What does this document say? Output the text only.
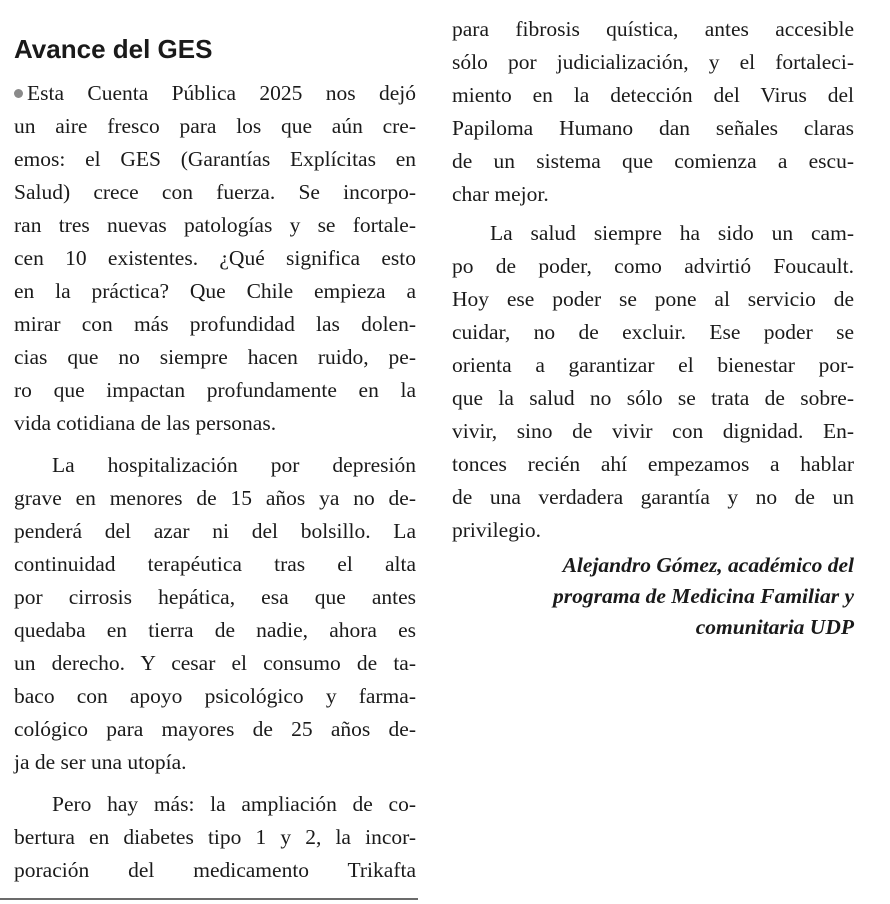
Avance del GES
Esta Cuenta Pública 2025 nos dejó
un aire fresco para los que aún cre-
emos: el GES (Garantías Explícitas en
Salud) crece con fuerza. Se incorpo-
ran tres nuevas patologías y se fortale-
cen 10 existentes. ¿Qué significa esto
en la práctica? Que Chile empieza a
mirar con más profundidad las dolen-
cias que no siempre hacen ruido, pe-
ro que impactan profundamente en la
vida cotidiana de las personas.
La hospitalización por depresión
grave en menores de 15 años ya no de-
penderá del azar ni del bolsillo. La
continuidad terapéutica tras el alta
por cirrosis hepática, esa que antes
quedaba en tierra de nadie, ahora es
un derecho. Y cesar el consumo de ta-
baco con apoyo psicológico y farma-
cológico para mayores de 25 años de-
ja de ser una utopía.
Pero hay más: la ampliación de co-
bertura en diabetes tipo 1 y 2, la incor-
poración del medicamento Trikafta
para fibrosis quística, antes accesible
sólo por judicialización, y el fortaleci-
miento en la detección del Virus del
Papiloma Humano dan señales claras
de un sistema que comienza a escu-
char mejor.
La salud siempre ha sido un cam-
po de poder, como advirtió Foucault.
Hoy ese poder se pone al servicio de
cuidar, no de excluir. Ese poder se
orienta a garantizar el bienestar por-
que la salud no sólo se trata de sobre-
vivir, sino de vivir con dignidad. En-
tonces recién ahí empezamos a hablar
de una verdadera garantía y no de un
privilegio.
Alejandro Gómez, académico del
programa de Medicina Familiar y
comunitaria UDP
